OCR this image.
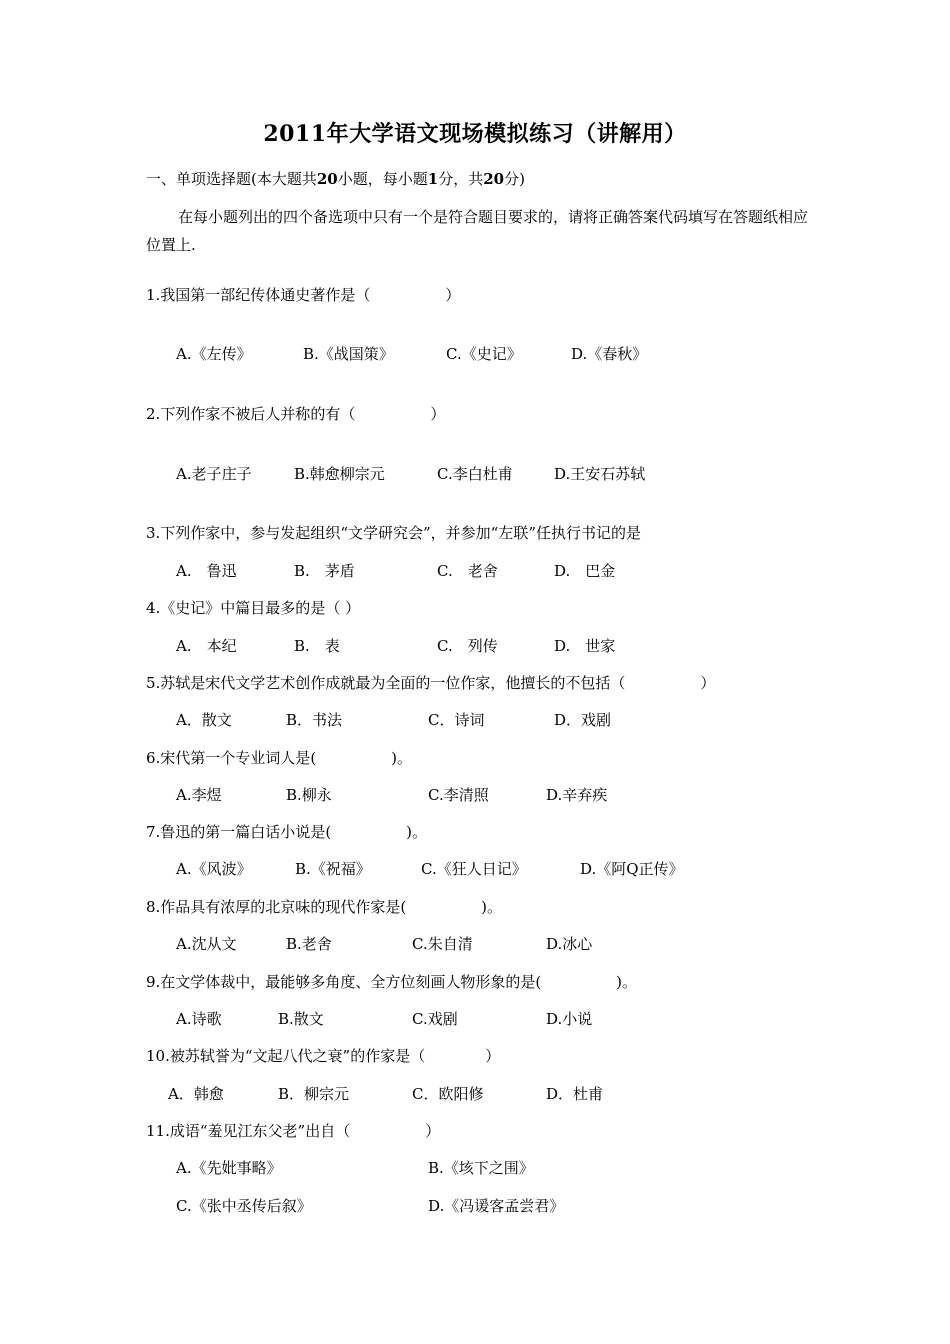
2011年大学语文现场模拟练习（讲解用）
一、单项选择题(本大题共20小题，每小题1分，共20分)
在每小题列出的四个备选项中只有一个是符合题目要求的，请将正确答案代码填写在答题纸相应位置上.
1.我国第一部纪传体通史著作是（　　　　　）
A.《左传》	B.《战国策》	C.《史记》	D.《春秋》
2.下列作家不被后人并称的有（　　　　　）
A.老子庄子	B.韩愈柳宗元	C.李白杜甫	D.王安石苏轼
3.下列作家中，参与发起组织“文学研究会”，并参加“左联”任执行书记的是
A.　鲁迅	B.　茅盾	C.　老舍	D.　巴金
4.《史记》中篇目最多的是（ ）
A.　本纪	B.　表	C.　列传	D.　世家
5.苏轼是宋代文学艺术创作成就最为全面的一位作家，他擅长的不包括（　　　　　）
A．散文	B．书法	C．诗词	D．戏剧
6.宋代第一个专业词人是(　　　　　)。
A.李煜	B.柳永	C.李清照	D.辛弃疾
7.鲁迅的第一篇白话小说是(　　　　　)。
A.《风波》	B.《祝福》	C.《狂人日记》	D.《阿Q正传》
8.作品具有浓厚的北京味的现代作家是(　　　　　)。
A.沈从文	B.老舍	C.朱自清	D.冰心
9.在文学体裁中，最能够多角度、全方位刻画人物形象的是(　　　　　)。
A.诗歌	B.散文	C.戏剧	D.小说
10.被苏轼誉为“文起八代之衰”的作家是（　　　　）
A．韩愈	B．柳宗元	C．欧阳修	D．杜甫
11.成语“羞见江东父老”出自（　　　　　）
A.《先妣事略》	B.《垓下之围》
C.《张中丞传后叙》	D.《冯谖客孟尝君》
